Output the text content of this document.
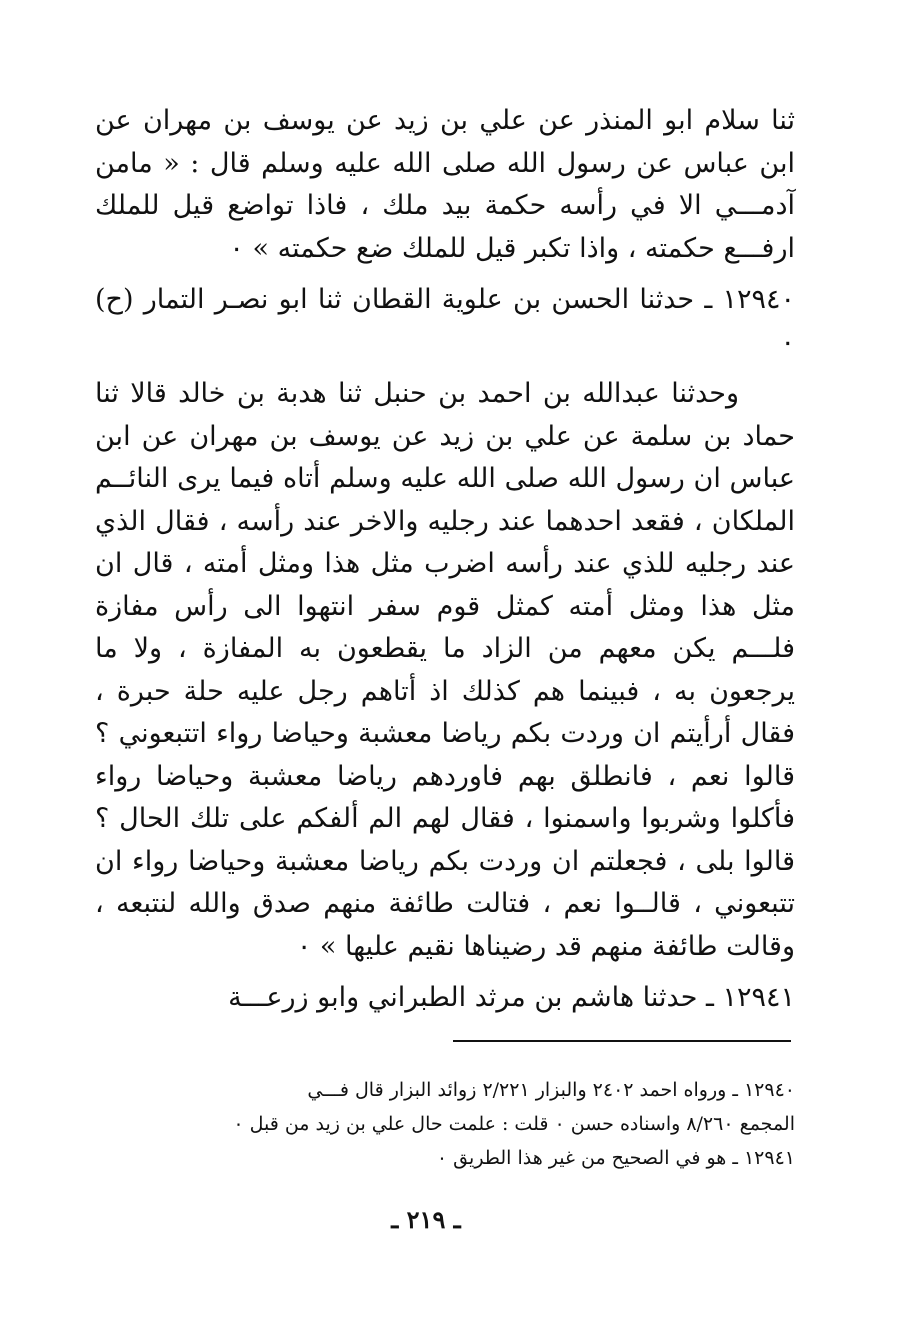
ثنا سلام ابو المنذر عن علي بن زيد عن يوسف بن مهران عن ابن عباس عن رسول الله صلى الله عليه وسلم قال : « مامن آدمـــي الا في رأسه حكمة بيد ملك ، فاذا تواضع قيل للملك ارفـــع حكمته ، واذا تكبر قيل للملك ضع حكمته » ٠

١٢٩٤٠ ـ حدثنا الحسن بن علوية القطان ثنا ابو نصـر التمار (ح) ٠

وحدثنا عبدالله بن احمد بن حنبل ثنا هدبة بن خالد قالا ثنا حماد بن سلمة عن علي بن زيد عن يوسف بن مهران عن ابن عباس ان رسول الله صلى الله عليه وسلم أتاه فيما يرى النائــم الملكان ، فقعد احدهما عند رجليه والاخر عند رأسه ، فقال الذي عند رجليه للذي عند رأسه اضرب مثل هذا ومثل أمته ، قال ان مثل هذا ومثل أمته كمثل قوم سفر انتهوا الى رأس مفازة فلـــم يكن معهم من الزاد ما يقطعون به المفازة ، ولا ما يرجعون به ، فبينما هم كذلك اذ أتاهم رجل عليه حلة حبرة ، فقال أرأيتم ان وردت بكم رياضا معشبة وحياضا رواء اتتبعوني ؟ قالوا نعم ، فانطلق بهم فاوردهم رياضا معشبة وحياضا رواء فأكلوا وشربوا واسمنوا ، فقال لهم الم ألفكم على تلك الحال ؟ قالوا بلى ، فجعلتم ان وردت بكم رياضا معشبة وحياضا رواء ان تتبعوني ، قالــوا نعم ، فتالت طائفة منهم صدق والله لنتبعه ، وقالت طائفة منهم قد رضيناها نقيم عليها » ٠

١٢٩٤١ ـ حدثنا هاشم بن مرثد الطبراني وابو زرعـــة

١٢٩٤٠ ـ ورواه احمد ٢٤٠٢ والبزار ٢/٢٢١ زوائد البزار قال فـــي

المجمع ٨/٢٦٠ واسناده حسن ٠ قلت : علمت حال علي بن زيد من قبل ٠

١٢٩٤١ ـ هو في الصحيح من غير هذا الطريق ٠

ـ ٢١٩ ـ
